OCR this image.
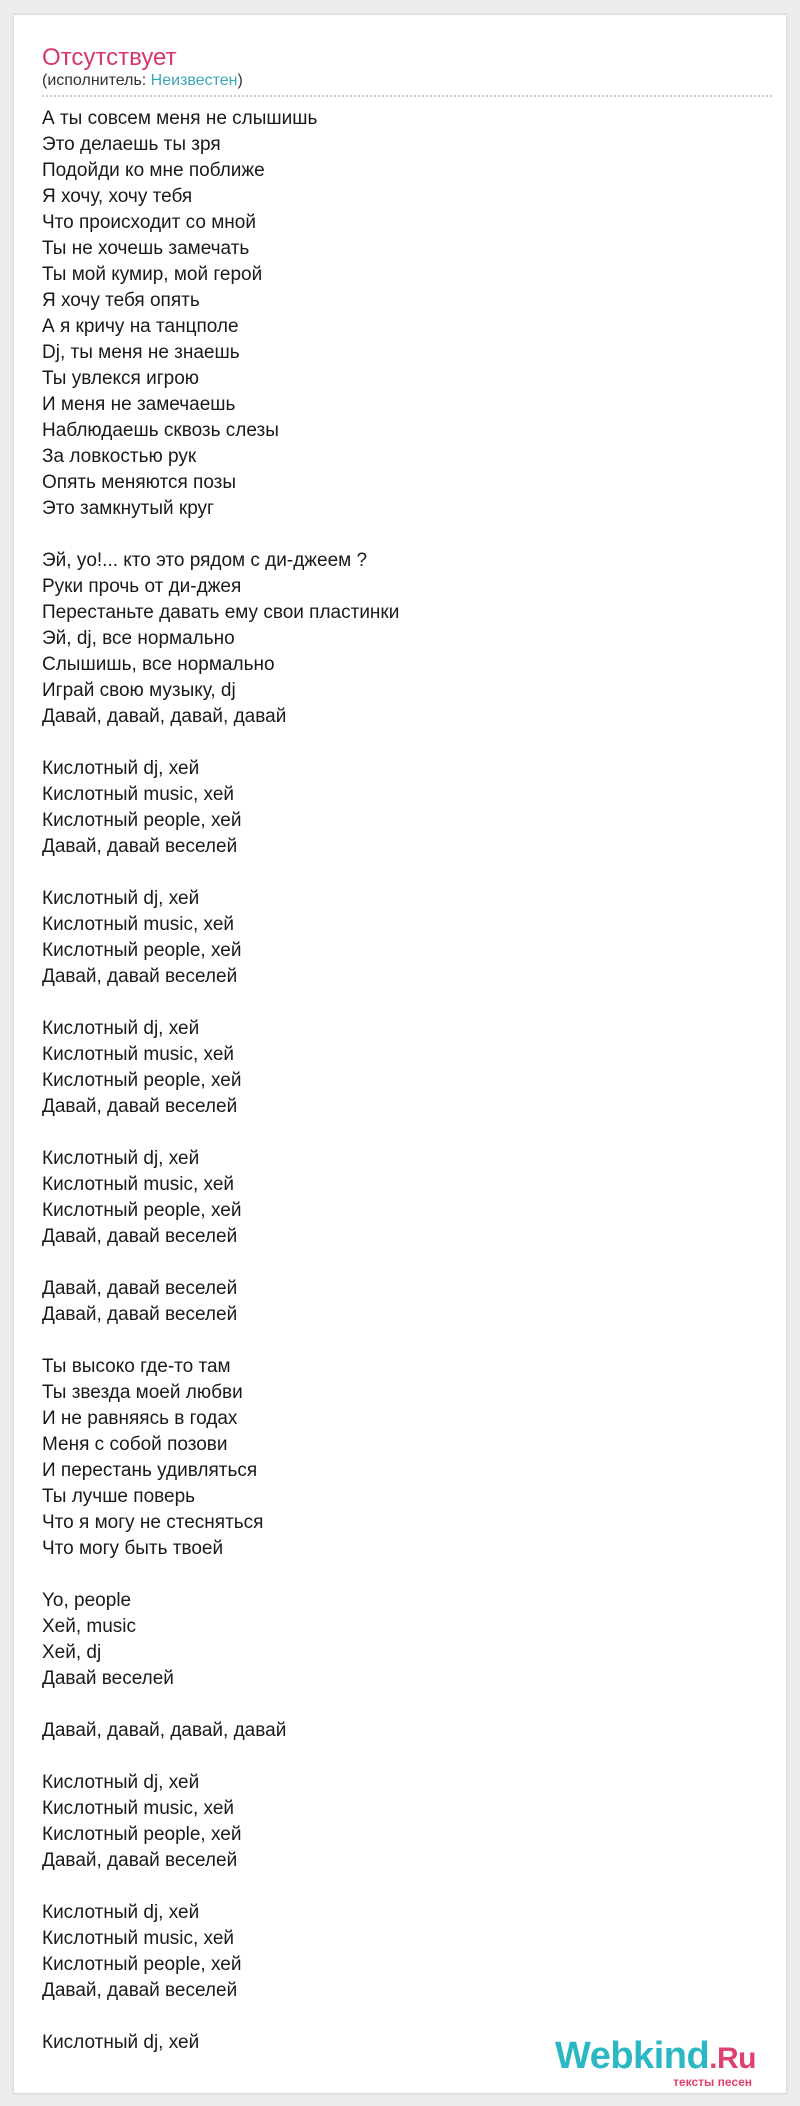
Отсутствует
(исполнитель: Неизвестен)
А ты совсем меня не слышишь
Это делаешь ты зря
Подойди ко мне поближе
Я хочу, хочу тебя
Что происходит со мной
Ты не хочешь замечать
Ты мой кумир, мой герой
Я хочу тебя опять
А я кричу на танцполе
Dj, ты меня не знаешь
Ты увлекся игрою
И меня не замечаешь
Наблюдаешь сквозь слезы
За ловкостью рук
Опять меняются позы
Это замкнутый круг
Эй, yo!... кто это рядом с ди-джеем ?
Руки прочь от ди-джея
Перестаньте давать ему свои пластинки
Эй, dj, все нормально
Слышишь, все нормально
Играй свою музыку, dj
Давай, давай, давай, давай
Кислотный dj, хей
Кислотный music, хей
Кислотный people, хей
Давай, давай веселей
Кислотный dj, хей
Кислотный music, хей
Кислотный people, хей
Давай, давай веселей
Кислотный dj, хей
Кислотный music, хей
Кислотный people, хей
Давай, давай веселей
Кислотный dj, хей
Кислотный music, хей
Кислотный people, хей
Давай, давай веселей
Давай, давай веселей
Давай, давай веселей
Ты высоко где-то там
Ты звезда моей любви
И не равняясь в годах
Меня с собой позови
И перестань удивляться
Ты лучше поверь
Что я могу не стесняться
Что могу быть твоей
Yo, people
Хей, music
Хей, dj
Давай веселей
Давай, давай, давай, давай
Кислотный dj, хей
Кислотный music, хей
Кислотный people, хей
Давай, давай веселей
Кислотный dj, хей
Кислотный music, хей
Кислотный people, хей
Давай, давай веселей
Кислотный dj, хей	Webkind.Ru
тексты песен
